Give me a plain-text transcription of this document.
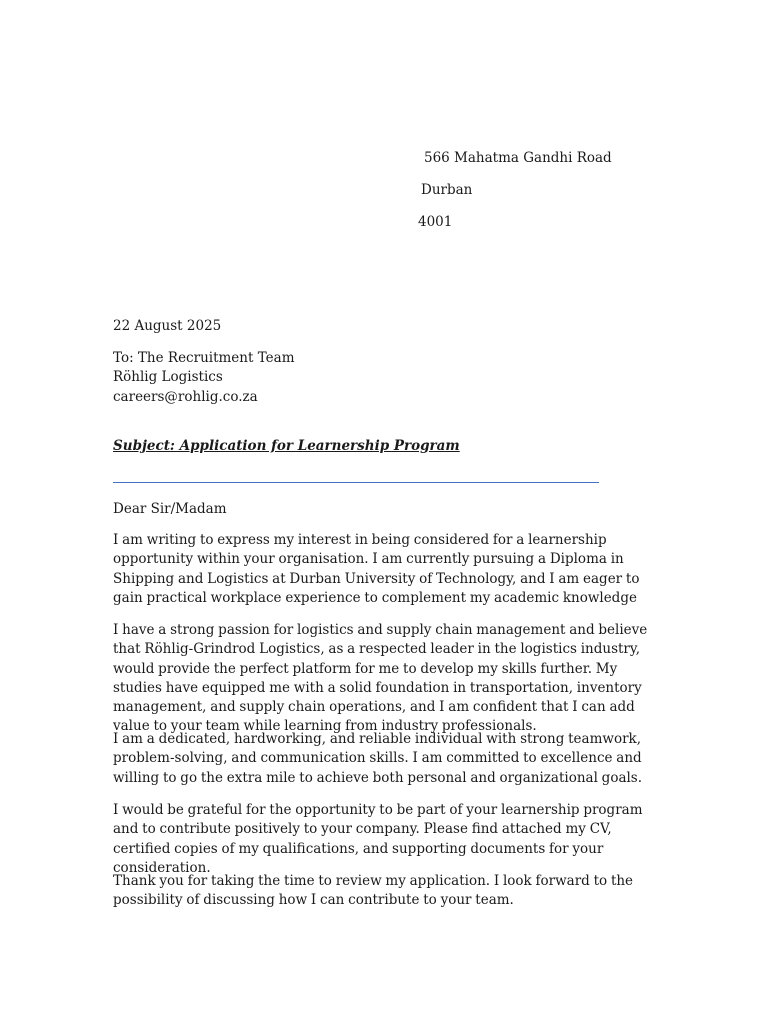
566 Mahatma Gandhi Road
Durban
4001
22 August 2025
To: The Recruitment Team
Röhlig Logistics
careers@rohlig.co.za
Subject: Application for Learnership Program
Dear Sir/Madam

I am writing to express my interest in being considered for a learnership opportunity within your organisation. I am currently pursuing a Diploma in Shipping and Logistics at Durban University of Technology, and I am eager to gain practical workplace experience to complement my academic knowledge

I have a strong passion for logistics and supply chain management and believe that Röhlig-Grindrod Logistics, as a respected leader in the logistics industry, would provide the perfect platform for me to develop my skills further. My studies have equipped me with a solid foundation in transportation, inventory management, and supply chain operations, and I am confident that I can add value to your team while learning from industry professionals.

I am a dedicated, hardworking, and reliable individual with strong teamwork, problem-solving, and communication skills. I am committed to excellence and willing to go the extra mile to achieve both personal and organizational goals.

I would be grateful for the opportunity to be part of your learnership program and to contribute positively to your company. Please find attached my CV, certified copies of my qualifications, and supporting documents for your consideration.

Thank you for taking the time to review my application. I look forward to the possibility of discussing how I can contribute to your team.
